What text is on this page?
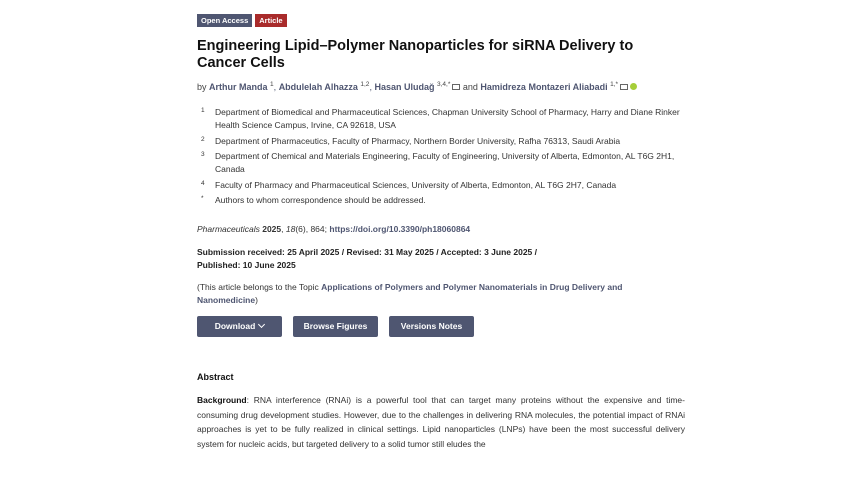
Open Access	Article
Engineering Lipid–Polymer Nanoparticles for siRNA Delivery to Cancer Cells
by Arthur Manda $^1$, Abdulelah Alhazza $^{1,2}$, Hasan Uludağ $^{3,4,*}$ and Hamidreza Montazeri Aliabadi $^{1,*}$
1	Department of Biomedical and Pharmaceutical Sciences, Chapman University School of Pharmacy, Harry and Diane Rinker Health Science Campus, Irvine, CA 92618, USA
2	Department of Pharmaceutics, Faculty of Pharmacy, Northern Border University, Rafha 76313, Saudi Arabia
3	Department of Chemical and Materials Engineering, Faculty of Engineering, University of Alberta, Edmonton, AL T6G 2H1, Canada
4	Faculty of Pharmacy and Pharmaceutical Sciences, University of Alberta, Edmonton, AL T6G 2H7, Canada
*	Authors to whom correspondence should be addressed.
Pharmaceuticals 2025, 18(6), 864; https://doi.org/10.3390/ph18060864
Submission received: 25 April 2025 / Revised: 31 May 2025 / Accepted: 3 June 2025 /
Published: 10 June 2025
(This article belongs to the Topic Applications of Polymers and Polymer Nanomaterials in Drug Delivery and Nanomedicine)
Download	Browse Figures	Versions Notes
Abstract
Background: RNA interference (RNAi) is a powerful tool that can target many proteins without the expensive and time-consuming drug development studies. However, due to the challenges in delivering RNA molecules, the potential impact of RNAi approaches is yet to be fully realized in clinical settings. Lipid nanoparticles (LNPs) have been the most successful delivery system for nucleic acids, but targeted delivery to a solid tumor still eludes the
